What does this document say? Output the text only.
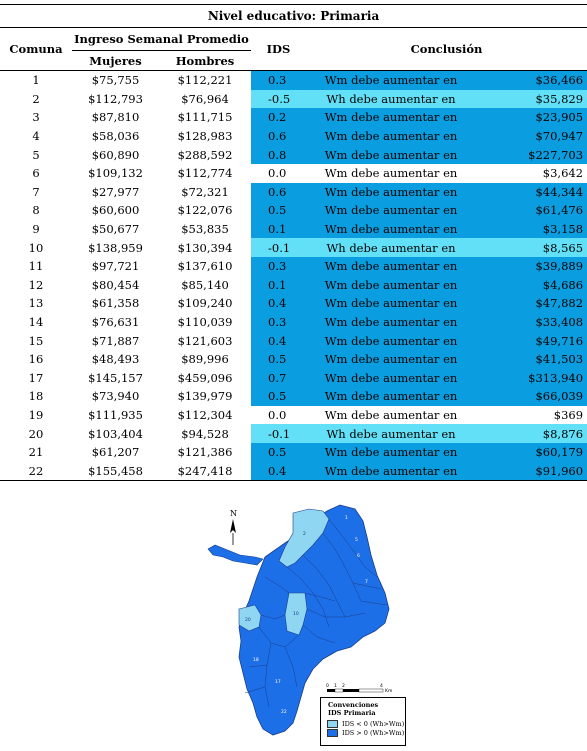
Nivel educativo: Primaria					
Comuna	Ingreso Semanal Promedio		IDS	Conclusión	
	Mujeres	Hombres			
1	$75,755	$112,221	0.3	Wm debe aumentar en	$36,466
2	$112,793	$76,964	-0.5	Wh debe aumentar en	$35,829
3	$87,810	$111,715	0.2	Wm debe aumentar en	$23,905
4	$58,036	$128,983	0.6	Wm debe aumentar en	$70,947
5	$60,890	$288,592	0.8	Wm debe aumentar en	$227,703
6	$109,132	$112,774	0.0	Wm debe aumentar en	$3,642
7	$27,977	$72,321	0.6	Wm debe aumentar en	$44,344
8	$60,600	$122,076	0.5	Wm debe aumentar en	$61,476
9	$50,677	$53,835	0.1	Wm debe aumentar en	$3,158
10	$138,959	$130,394	-0.1	Wh debe aumentar en	$8,565
11	$97,721	$137,610	0.3	Wm debe aumentar en	$39,889
12	$80,454	$85,140	0.1	Wm debe aumentar en	$4,686
13	$61,358	$109,240	0.4	Wm debe aumentar en	$47,882
14	$76,631	$110,039	0.3	Wm debe aumentar en	$33,408
15	$71,887	$121,603	0.4	Wm debe aumentar en	$49,716
16	$48,493	$89,996	0.5	Wm debe aumentar en	$41,503
17	$145,157	$459,096	0.7	Wm debe aumentar en	$313,940
18	$73,940	$139,979	0.5	Wm debe aumentar en	$66,039
19	$111,935	$112,304	0.0	Wm debe aumentar en	$369
20	$103,404	$94,528	-0.1	Wh debe aumentar en	$8,876
21	$61,207	$121,386	0.5	Wm debe aumentar en	$60,179
22	$155,458	$247,418	0.4	Wm debe aumentar en	$91,960
N
1
2
5
6
7
10
17
18
20
22
0 1 2	4
Km
Convenciones
IDS Primaria
IDS < 0 (Wh>Wm)
IDS > 0 (Wh>Wm)
